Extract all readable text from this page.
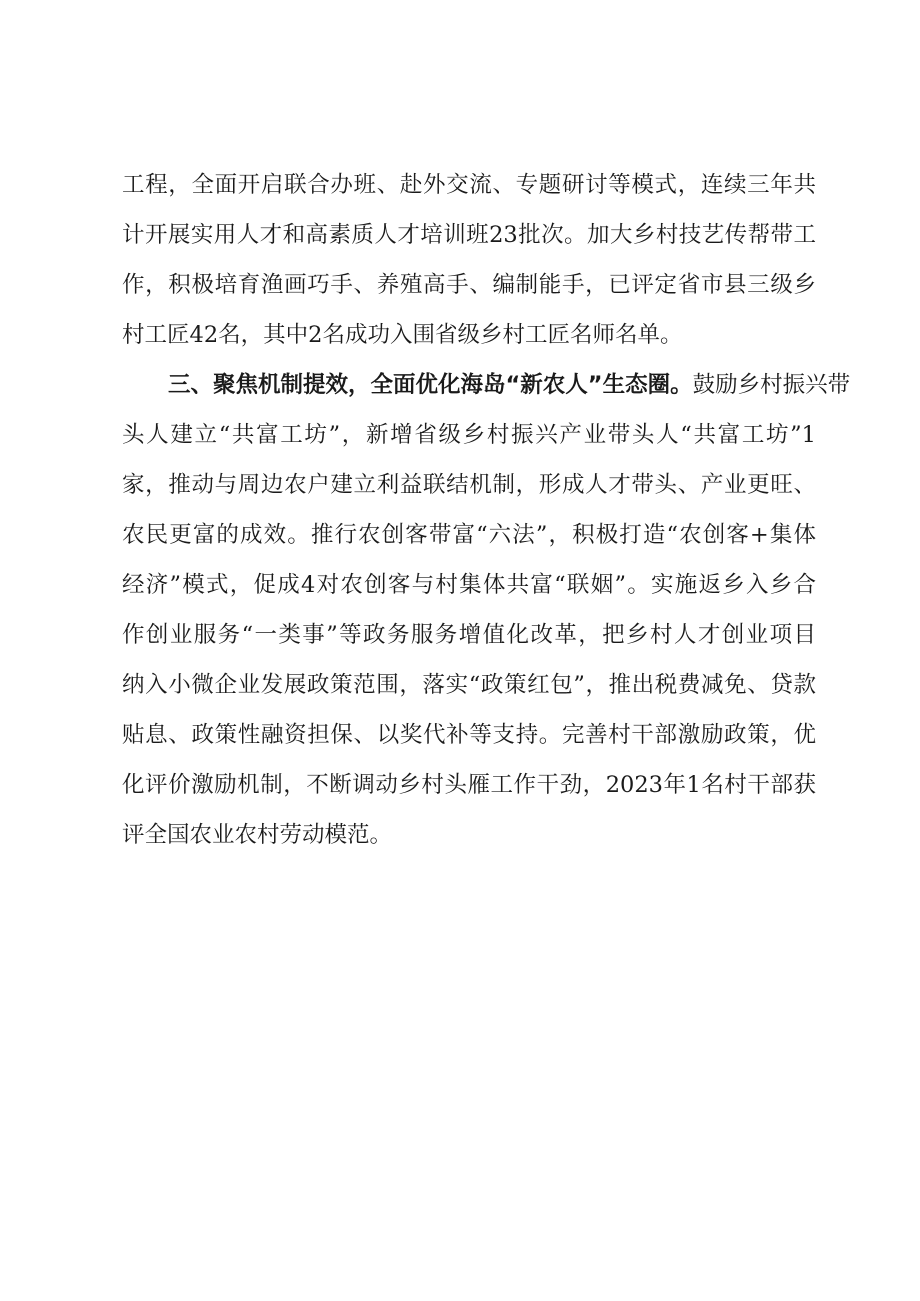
工程，全面开启联合办班、赴外交流、专题研讨等模式，连续三年共
计开展实用人才和高素质人才培训班23批次。加大乡村技艺传帮带工
作，积极培育渔画巧手、养殖高手、编制能手，已评定省市县三级乡
村工匠42名，其中2名成功入围省级乡村工匠名师名单。
三、聚焦机制提效，全面优化海岛“新农人”生态圈。鼓励乡村振兴带
头人建立“共富工坊”，新增省级乡村振兴产业带头人“共富工坊”1
家，推动与周边农户建立利益联结机制，形成人才带头、产业更旺、
农民更富的成效。推行农创客带富“六法”，积极打造“农创客+集体
经济”模式，促成4对农创客与村集体共富“联姻”。实施返乡入乡合
作创业服务“一类事”等政务服务增值化改革，把乡村人才创业项目
纳入小微企业发展政策范围，落实“政策红包”，推出税费减免、贷款
贴息、政策性融资担保、以奖代补等支持。完善村干部激励政策，优
化评价激励机制，不断调动乡村头雁工作干劲，2023年1名村干部获
评全国农业农村劳动模范。
